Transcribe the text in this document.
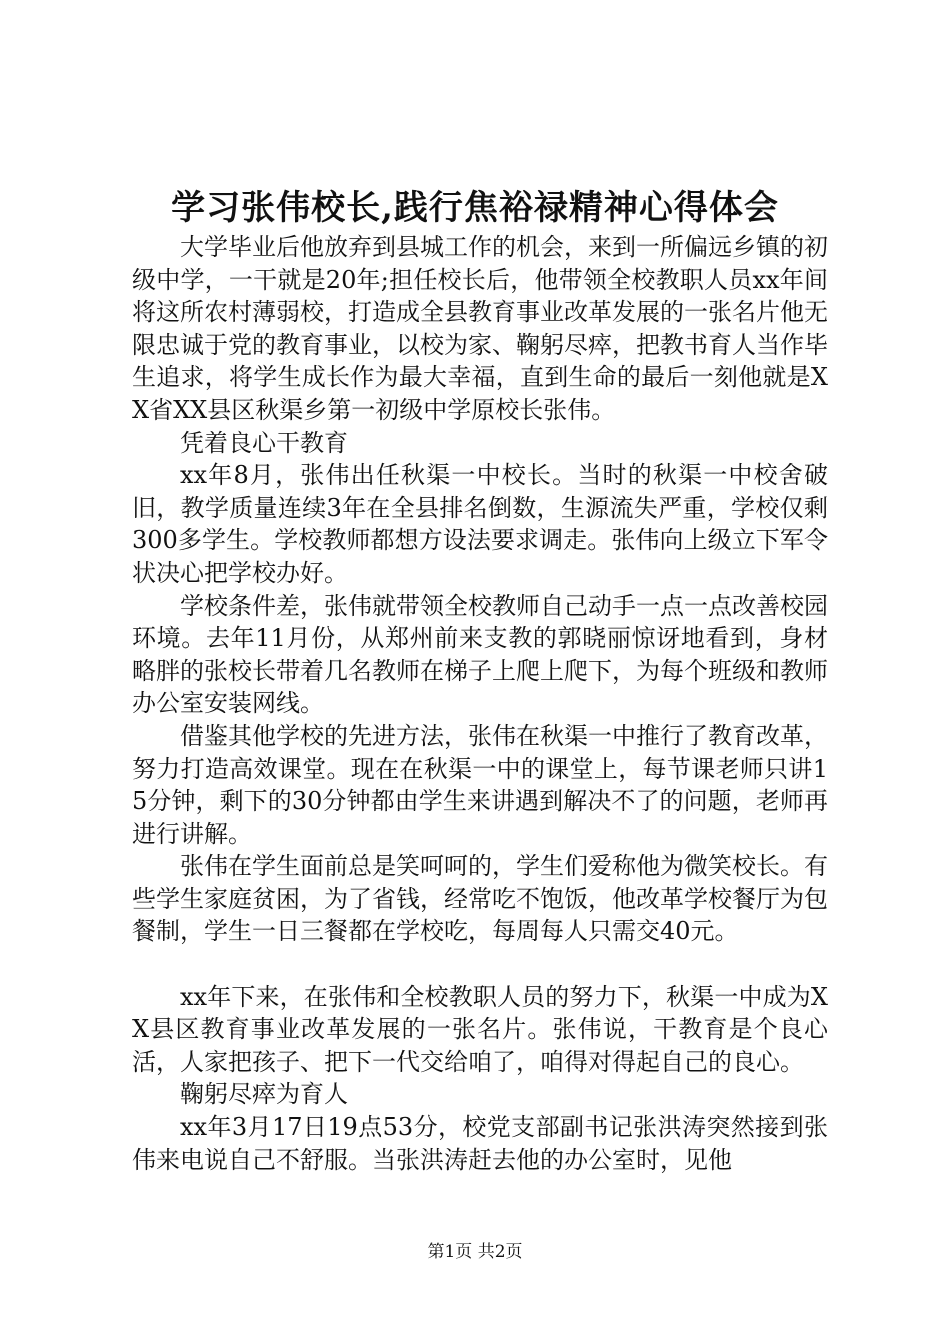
学习张伟校长,践行焦裕禄精神心得体会

大学毕业后他放弃到县城工作的机会，来到一所偏远乡镇的初级中学，一干就是20年;担任校长后，他带领全校教职人员xx年间将这所农村薄弱校，打造成全县教育事业改革发展的一张名片他无限忠诚于党的教育事业，以校为家、鞠躬尽瘁，把教书育人当作毕生追求，将学生成长作为最大幸福，直到生命的最后一刻他就是XX省XX县区秋渠乡第一初级中学原校长张伟。

凭着良心干教育

xx年8月，张伟出任秋渠一中校长。当时的秋渠一中校舍破旧，教学质量连续3年在全县排名倒数，生源流失严重，学校仅剩300多学生。学校教师都想方设法要求调走。张伟向上级立下军令状决心把学校办好。

学校条件差，张伟就带领全校教师自己动手一点一点改善校园环境。去年11月份，从郑州前来支教的郭晓丽惊讶地看到，身材略胖的张校长带着几名教师在梯子上爬上爬下，为每个班级和教师办公室安装网线。

借鉴其他学校的先进方法，张伟在秋渠一中推行了教育改革，努力打造高效课堂。现在在秋渠一中的课堂上，每节课老师只讲15分钟，剩下的30分钟都由学生来讲遇到解决不了的问题，老师再进行讲解。

张伟在学生面前总是笑呵呵的，学生们爱称他为微笑校长。有些学生家庭贫困，为了省钱，经常吃不饱饭，他改革学校餐厅为包餐制，学生一日三餐都在学校吃，每周每人只需交40元。

xx年下来，在张伟和全校教职人员的努力下，秋渠一中成为XX县区教育事业改革发展的一张名片。张伟说，干教育是个良心活，人家把孩子、把下一代交给咱了，咱得对得起自己的良心。

鞠躬尽瘁为育人

xx年3月17日19点53分，校党支部副书记张洪涛突然接到张伟来电说自己不舒服。当张洪涛赶去他的办公室时，见他

第1页 共2页
